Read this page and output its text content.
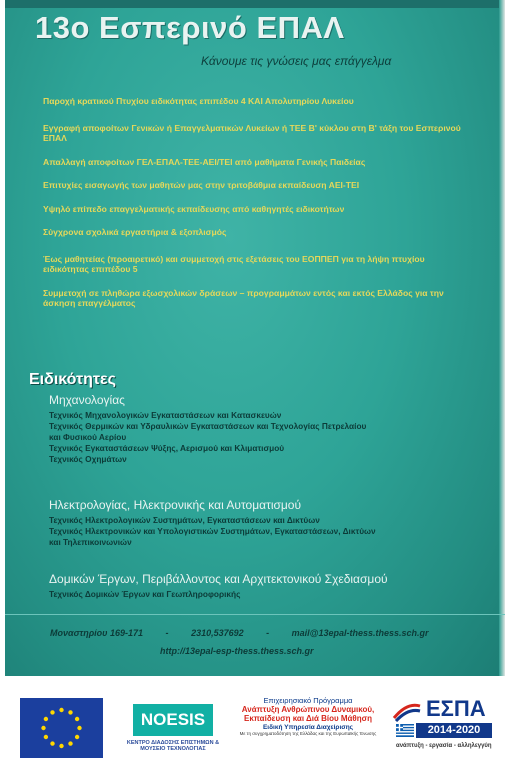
13ο Εσπερινό ΕΠΑΛ
Κάνουμε τις γνώσεις μας επάγγελμα
Παροχή κρατικού Πτυχίου ειδικότητας επιπέδου 4 ΚΑΙ Απολυτηρίου Λυκείου
Εγγραφή αποφοίτων Γενικών ή Επαγγελματικών Λυκείων ή ΤΕΕ Β' κύκλου στη Β' τάξη του Εσπερινού ΕΠΑΛ
Απαλλαγή αποφοίτων ΓΕΛ-ΕΠΑΛ-ΤΕΕ-ΑΕΙ/ΤΕΙ από μαθήματα Γενικής Παιδείας
Επιτυχίες εισαγωγής των μαθητών μας στην τριτοβάθμια εκπαίδευση ΑΕΙ-ΤΕΙ
Υψηλό επίπεδο επαγγελματικής εκπαίδευσης από καθηγητές ειδικοτήτων
Σύγχρονα σχολικά εργαστήρια & εξοπλισμός
Έως μαθητείας (προαιρετικό) και συμμετοχή στις εξετάσεις του ΕΟΠΠΕΠ για τη λήψη πτυχίου ειδικότητας επιπέδου 5
Συμμετοχή σε πληθώρα εξωσχολικών δράσεων – προγραμμάτων εντός και εκτός Ελλάδος για την άσκηση επαγγέλματος
Ειδικότητες
Μηχανολογίας
Τεχνικός Μηχανολογικών Εγκαταστάσεων και Κατασκευών
Τεχνικός Θερμικών και Υδραυλικών Εγκαταστάσεων και Τεχνολογίας Πετρελαίου
και Φυσικού Αερίου
Τεχνικός Εγκαταστάσεων Ψύξης, Αερισμού και Κλιματισμού
Τεχνικός Οχημάτων
Ηλεκτρολογίας, Ηλεκτρονικής και Αυτοματισμού
Τεχνικός Ηλεκτρολογικών Συστημάτων, Εγκαταστάσεων και Δικτύων
Τεχνικός Ηλεκτρονικών και Υπολογιστικών Συστημάτων, Εγκαταστάσεων, Δικτύων
και Τηλεπικοινωνιών
Δομικών Έργων, Περιβάλλοντος και Αρχιτεκτονικού Σχεδιασμού
Τεχνικός Δομικών Έργων και Γεωπληροφορικής
Μοναστηρίου 169-171	-	2310,537692	-	mail@13epal-thess.thess.sch.gr
http://13epal-esp-thess.thess.sch.gr
NOESIS
ΚΕΝΤΡΟ ΔΙΑΔΟΣΗΣ ΕΠΙΣΤΗΜΩΝ & ΜΟΥΣΕΙΟ ΤΕΧΝΟΛΟΓΙΑΣ
Επιχειρησιακό Πρόγραμμα
Ανάπτυξη Ανθρώπινου Δυναμικού,
Εκπαίδευση και Διά Βίου Μάθηση
Ειδική Υπηρεσία Διαχείρισης
Με τη συγχρηματοδότηση της Ελλάδας και της Ευρωπαϊκής Ένωσης
ΕΣΠΑ
2014-2020
ανάπτυξη - εργασία - αλληλεγγύη
